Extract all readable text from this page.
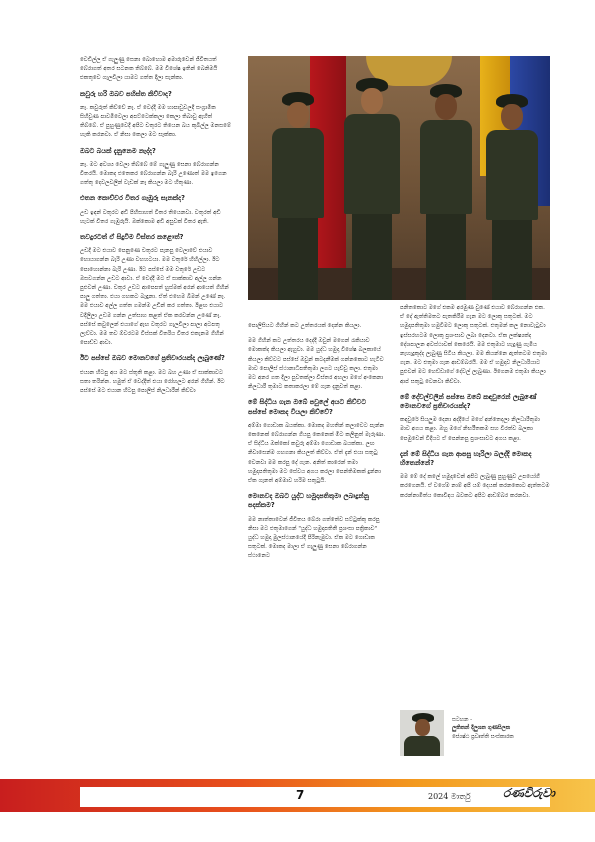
වෙඩිල්ල ඒ ගැලුණු සෙනා බොහොම අමාරුවෙන් ජීවිතයත් බේරාගත් අතර සටනක තිබ්බේ. මම විශේෂ ඉතින් බෙනිමයි එකතුවෙ ගැලවිලා යාමට ගත්ත දිලා සැන්කා.

කවුරු හරි ඔබව පහිස්ත කිව්වාද?

නෑ. කවුරුත් කිව්වේ නෑ. ඒ වෙද්දි මම හාපාඩුවලදි සංග්‍රාමික සිහිවුණ පාවමිවෙලා අපට්ටෙක්කලා කෙලා තිබාවු ඇහිත් තිබ්බේ. ඒ පුහුණුවෙදි අපිට චතුරට තියෙන බය කුබිල්ල මනසමේ හැකි කරනවා. ඒ නිසා කෙලා මට සෑක්කා.

ඔබට බයක් දැනුනෙම නැද්ද?

නෑ. මට අවශ්‍ය වෙලා තිබ්බේ මේ ගැලුණු සෙනා බේරාගන්න විතරයි. මොකද එතෙකර බේරාගන්න බැරි උණොත් මම ඉගෙන ගත්තු දෙවලවලින් වැඩක් නෑ කියලා මට හිතුණා.

එතන කොච්චර විතර ගැඹුරු සැනක්ද?

උඩ ඉඳන් වතුරට අඩි පිහිසාහත් විතර තියෙනවා. වතුරත් අඩි හැටක් විතර ගැඹුරුයි. ඔක්කොම අඩි අසුවක් විතර ඇති.

තවදුරටත් ඒ සිදුවීම විස්තර කළොත්?

උඩදී මට එයාව පෙනුණෙ චතුරට පැනපු වෙලාවේ එයාව හොයාගන්න බැරි උණා වහහටයා. මම වතුරේ හිහිල්ලා. ඊට පොහොන්නා බැරි උණා. ඊට පස්සේ මම වතුරේ උඩට ඔසවගන්න උඩට ආවා. ඒ වෙද්දි මට ඒ සාක්කාව අල්ල ගන්න පුළුවන් උණා. චතුර උඩට ආපෙපත් හුස්මක් අරන් ආයෙත් ගිහින් පාලු ගත්තා. එයා ගහකට බැඳුනා. ඒත් එහෙම බිමන් උණේ නෑ. මම එයාව අල්ල ගත්ත ගමන්ම උඩින් කර ගත්තා. ඊළඟ එයාට වදිලිලා උඩම ගන්න උත්සාහ කළත් ඒක කරවන්න උණේ නෑ. පස්සේ කවුලෙන් එයාගේ ඇඟ වතුරට ගැලවිලා පාලා අටපතු ලැව්වා. මම තව ඕවරටම විස්සක් විතරිය විතර එකැනම ගිහින් පොඩ්ඩ ආවා.

ඊට පස්සේ ඔබව මොනවගේ ප්‍රතිචාරයක්ද ලැබුණේ?

එයාන හිටපු අය මට ස්තූති කළා. මට බහ උණා ඒ සාක්කාවට සතා තරින්න. හමුත් ඒ වෙද්දිත් එයා රෝහලට අරන් ගිහින්. ඊට පස්සේ මට එයාන හිටපු පොලිස් නිලධාරීන් කිව්වා

පොලිසියට ගිහින් කට උත්තරයක් දෙන්න කියලා.

මම ගිහින් කට උත්තරය දෙද්දි ඔවුන් මගෙන් රැකියාව මොකක්ද කියලා ඇහුවා. මම යුද්ධ හමුදා විශේෂ බලකායේ කියලා කිව්වට පස්සේ ඔවුන් කටදැනීමක් ගන්නකොට හැටිව මාව පොලිස් ස්ථානාධිපතිතුමා ලගට යැව්වු කලා. එතුමා මට අනර ගත දිලා පුවතක්ලා විස්තර අහලා මගේ අංකෙනා නිලධාරී තුමාට කතාකරලා මේ ගැන දැනුවත් කළා.

මේ සිද්ධිය ගැන ඔබේ පවුලේ අයට කිව්වට පස්සේ මොකද වියලා කිව්වේ?

අම්මා ගොඩාක බයක්කා. මොකද මහතින් කලාවෙට පැන්න කෙනෙක් බේරාගන්න ගියපු කෙනෙක් මිට කලිනුත් මැරුණා. ඒ සිද්ධිය ඔක්කෝ කවුරු අම්මා ගොඩාක බයක්කා. ලඟ නිවාසෙන්ම ගහගනා කියලත් කිව්වා. ඒත් දැන් එයා සතුටු වෙනවා මම කරපු දේ ගැන. අනිත් කාරෙන් තමා හමුදාපතිතුමා මට සේවය අගය කරලා පෙන්තිමකක් දුන්නා ඒක ගැනත් අම්මාව හරිම සතුටුයි.

මොනවද ඔබට යුද්ධ හමුදාපතිතුමා ලබාදුන්නු පදක්කම?

මම නාත්තාවෙන් ජීවිතය බේරා ගත්තේව සට්ටුක්කු කරපු නිසා මට එතුමාගෙන් "යුද්ධ හමුදාපතිතී ප්‍රශංසා පත්‍රිකාව" යුද්ධ හමුදා මුලස්ථානයේදී පිරිනැමුවා. ඒක මට ගොඩාක සතුටක්. මොකද මාලා ඒ ගැලුණු සෙනා බේරාගන්න ස්ථානෙට

පනිතකොට මගේ එකම අරමුණ වුණේ එයාව බේරාගන්න එක. ඒ දේ ඇත්තිමතට පැතකිරීම ගැන මට ලොකු සතුටක්. මට හමුදාපතිතුමා හමුවීමට ලොකු සතුටක්. එතුමන් කල නොවැටුවා ඉස්සරහටම ලොකු ප්‍රශංසාව ලබා දෙනවා. ඒක ලක්ෂ්‍යක්ද දේශපාලන අවස්ථාවක් කෙරෙයි. මම එතුමාට හැදුණු ගැමිය නැහැදුකුද්ද ලැබුණු සිටිය කියලා. මම කියන්නෙ ඇත්තටම එතුමා ගැන. මට එතුමා ගැන ආඩම්බරයි. මම ඒ හමුදාව නිලධාරියාට පුළුවන් මට හෙඩ්ඩාගේ දේවල් ලැබුණා. ඊගෙනම එතුමා කියලා ආප් සතුටු වෙනවා කිව්වා.

මේ දේවල්වලින් පස්සෙ ඔබේ කඳවුරෙන් ලැබුණේ මොනවගේ ප්‍රතිචාරයක්ද?

කඳවුරේ සියලුම දෙනා අද්දියේ මගේ අන්තෙදලා නිලධාරීතුමා මාව අගය කළා. ඔහු මගේ නිර්භීතකම සහ වීරත්ව බලකා පෙමුවෙන් විදියට ඒ පෙන්නපු ප්‍රශංසාවට අගය කළා.

දැන් මේ සිද්ධිය ගැන ආපසු හැරිලා බලද්දි මොකද හිතෙන්නේ?

මම මේ දේ කලේ හමුදාවෙන් අපිට ලැබුණු පුහුණුව උපයෝගී කරගෙනයි. ඒ වගේම නාම් අපි යම් දෙයක් කරනකොට ඇත්තටම කරන්නාමිත්ය කොවිඳය බවකට අපිට ආඩම්බර කරනවා.

සටහන -
ලුතිතන් දිලුශන ගුණසිලක
ජ්‍යෙෂ්ඨ ප්‍රවෘත්ති සංස්කාරක
7	2024 මාර්තු	රණවිරුවා
